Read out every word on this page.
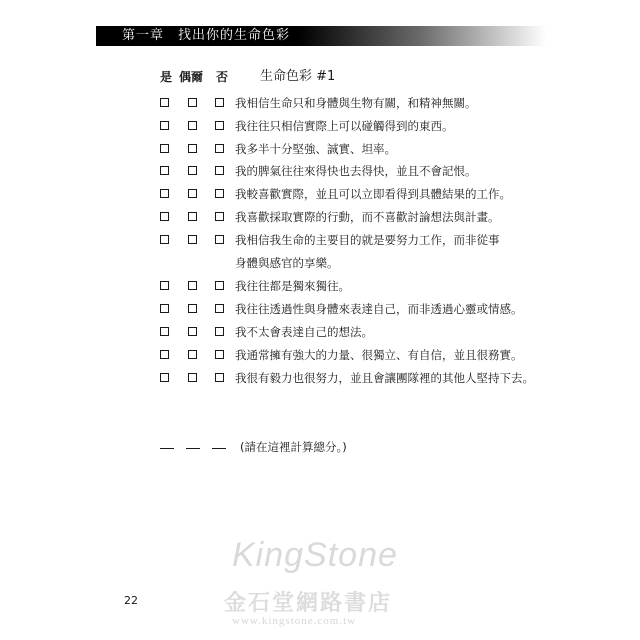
第一章　找出你的生命色彩
是 偶爾 否 生命色彩 #1
我相信生命只和身體與生物有關，和精神無關。
我往往只相信實際上可以碰觸得到的東西。
我多半十分堅強、誠實、坦率。
我的脾氣往往來得快也去得快，並且不會記恨。
我較喜歡實際，並且可以立即看得到具體結果的工作。
我喜歡採取實際的行動，而不喜歡討論想法與計畫。
我相信我生命的主要目的就是要努力工作，而非從事
身體與感官的享樂。
我往往都是獨來獨往。
我往往透過性與身體來表達自己，而非透過心靈或情感。
我不太會表達自己的想法。
我通常擁有強大的力量、很獨立、有自信，並且很務實。
我很有毅力也很努力，並且會讓團隊裡的其他人堅持下去。
(請在這裡計算總分。)
22
KingStone
金石堂網路書店
www.kingstone.com.tw
